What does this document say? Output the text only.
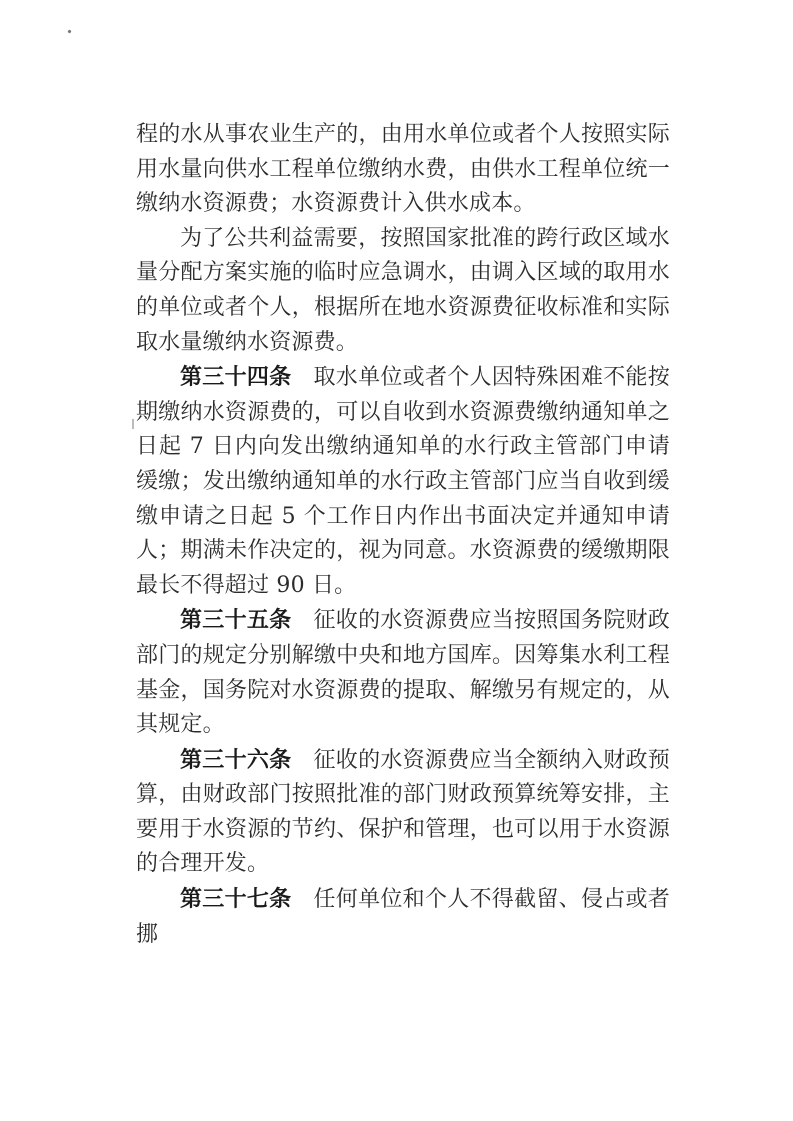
程的水从事农业生产的，由用水单位或者个人按照实际用水量向供水工程单位缴纳水费，由供水工程单位统一缴纳水资源费；水资源费计入供水成本。

为了公共利益需要，按照国家批准的跨行政区域水量分配方案实施的临时应急调水，由调入区域的取用水的单位或者个人，根据所在地水资源费征收标准和实际取水量缴纳水资源费。

第三十四条 取水单位或者个人因特殊困难不能按期缴纳水资源费的，可以自收到水资源费缴纳通知单之日起 7 日内向发出缴纳通知单的水行政主管部门申请缓缴；发出缴纳通知单的水行政主管部门应当自收到缓缴申请之日起 5 个工作日内作出书面决定并通知申请人；期满未作决定的，视为同意。水资源费的缓缴期限最长不得超过 90 日。

第三十五条 征收的水资源费应当按照国务院财政部门的规定分别解缴中央和地方国库。因筹集水利工程基金，国务院对水资源费的提取、解缴另有规定的，从其规定。

第三十六条 征收的水资源费应当全额纳入财政预算，由财政部门按照批准的部门财政预算统筹安排，主要用于水资源的节约、保护和管理，也可以用于水资源的合理开发。

第三十七条 任何单位和个人不得截留、侵占或者挪
